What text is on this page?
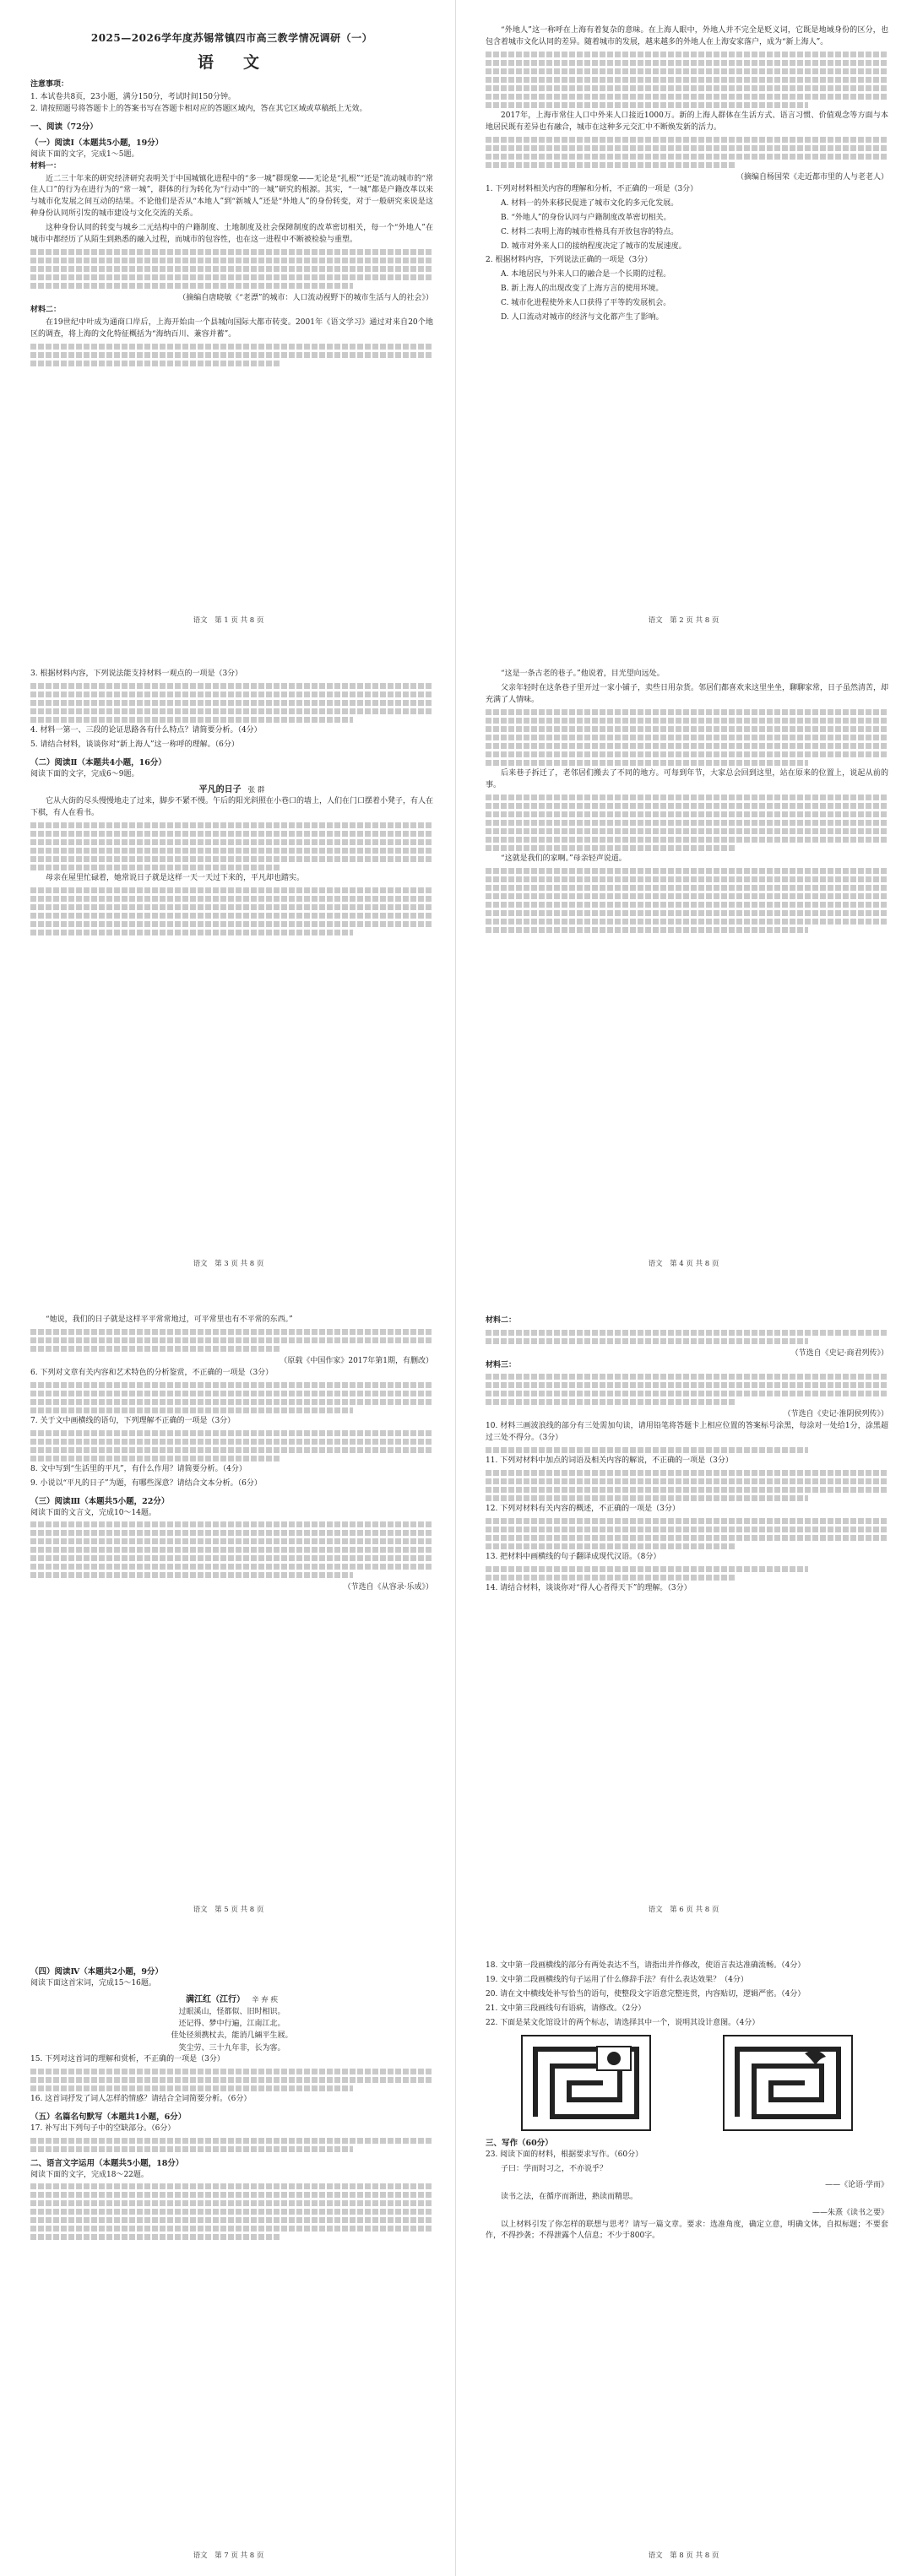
2025—2026学年度苏锡常镇四市高三教学情况调研（一）
语　文
注意事项：
1. 本试卷共8页，23小题，满分150分，考试时间150分钟。
2. 请按照题号将答题卡上的答案书写在答题卡相对应的答题区域内，答在其它区域或草稿纸上无效。
一、阅读（72分）
（一）阅读Ⅰ（本题共5小题，19分）
阅读下面的文字，完成1～5题。
材料一：

近二三十年来的研究经济研究表明关于中国城镇化进程中的“多一城”群现象——无论是“扎根”“还是”流动城市的“常住人口”的行为在进行为的“常一城”，群体的行为转化为“行动中”的一城”研究的根源。其实，“一城”都是户籍改革以来与城市化发展之间互动的结果。不论他们是否从“本地人”到“新城人”还是“外地人”的身份转变，对于一般研究来说是这种身份认同所引发的城市建设与文化交流的关系。

这种身份认同的转变与城乡二元结构中的户籍制度、土地制度及社会保障制度的改革密切相关，每一个“外地人”在城市中都经历了从陌生到熟悉的融入过程，而城市的包容性，也在这一进程中不断被检验与重塑。

（摘编自唐晓敏《“老漂”的城市：人口流动视野下的城市生活与人的社会》）

材料二：

在19世纪中叶成为通商口岸后，上海开始由一个县城向国际大都市转变。2001年《语文学习》通过对来自20个地区的调查，将上海的文化特征概括为“海纳百川、兼容并蓄”。

语文　第 1 页 共 8 页

“外地人”这一称呼在上海有着复杂的意味。在上海人眼中，外地人并不完全是贬义词，它既是地域身份的区分，也包含着城市文化认同的差异。随着城市的发展，越来越多的外地人在上海安家落户，成为“新上海人”。

2017年，上海市常住人口中外来人口接近1000万。新的上海人群体在生活方式、语言习惯、价值观念等方面与本地居民既有差异也有融合，城市在这种多元交汇中不断焕发新的活力。

（摘编自杨国荣《走近都市里的人与老老人）

1. 下列对材料相关内容的理解和分析，不正确的一项是（3分）

A. 材料一的外来移民促进了城市文化的多元化发展。

B. “外地人”的身份认同与户籍制度改革密切相关。

C. 材料二表明上海的城市性格具有开放包容的特点。

D. 城市对外来人口的接纳程度决定了城市的发展速度。

2. 根据材料内容，下列说法正确的一项是（3分）

A. 本地居民与外来人口的融合是一个长期的过程。

B. 新上海人的出现改变了上海方言的使用环境。

C. 城市化进程使外来人口获得了平等的发展机会。

D. 人口流动对城市的经济与文化都产生了影响。

语文　第 2 页 共 8 页

3. 根据材料内容，下列说法能支持材料一观点的一项是（3分）

4. 材料一第一、三段的论证思路各有什么特点？请简要分析。（4分）

5. 请结合材料，谈谈你对“新上海人”这一称呼的理解。（6分）

（二）阅读Ⅱ（本题共4小题，16分）
阅读下面的文字，完成6～9题。
平凡的日子 张 群

它从大街的尽头慢慢地走了过来，脚步不紧不慢。午后的阳光斜照在小巷口的墙上，人们在门口摆着小凳子，有人在下棋，有人在看书。

母亲在屋里忙碌着，她常说日子就是这样一天一天过下来的，平凡却也踏实。

语文　第 3 页 共 8 页

“这是一条古老的巷子。”他说着，目光望向远处。

父亲年轻时在这条巷子里开过一家小铺子，卖些日用杂货。邻居们都喜欢来这里坐坐，聊聊家常，日子虽然清苦，却充满了人情味。

后来巷子拆迁了，老邻居们搬去了不同的地方。可每到年节，大家总会回到这里，站在原来的位置上，说起从前的事。

“这就是我们的家啊。”母亲轻声说道。

语文　第 4 页 共 8 页

“她说，我们的日子就是这样平平常常地过，可平常里也有不平常的东西。”

（原载《中国作家》2017年第1期，有删改）

6. 下列对文章有关内容和艺术特色的分析鉴赏，不正确的一项是（3分）

7. 关于文中画横线的语句，下列理解不正确的一项是（3分）

8. 文中写到“生活里的平凡”，有什么作用？请简要分析。（4分）

9. 小说以“平凡的日子”为题，有哪些深意？请结合文本分析。（6分）

（三）阅读Ⅲ（本题共5小题，22分）
阅读下面的文言文，完成10～14题。

（节选自《从容录·乐成》）

语文　第 5 页 共 8 页
材料二：

（节选自《史记·商君列传》）

材料三：

（节选自《史记·淮阴侯列传》）

10. 材料三画波浪线的部分有三处需加句读，请用铅笔将答题卡上相应位置的答案标号涂黑，每涂对一处给1分，涂黑超过三处不得分。（3分）

11. 下列对材料中加点的词语及相关内容的解说，不正确的一项是（3分）

12. 下列对材料有关内容的概述，不正确的一项是（3分）

13. 把材料中画横线的句子翻译成现代汉语。（8分）

14. 请结合材料，谈谈你对“得人心者得天下”的理解。（3分）

语文　第 6 页 共 8 页
（四）阅读Ⅳ（本题共2小题，9分）
阅读下面这首宋词，完成15～16题。
满江红（江行） 辛 弃 疾

过眼溪山，怪都似、旧时相识。

还记得、梦中行遍，江南江北。

佳处径须携杖去，能消几緉平生屐。

笑尘劳、三十九年非，长为客。

15. 下列对这首词的理解和赏析，不正确的一项是（3分）

16. 这首词抒发了词人怎样的情感？请结合全词简要分析。（6分）

（五）名篇名句默写（本题共1小题，6分）

17. 补写出下列句子中的空缺部分。（6分）

二、语言文字运用（本题共5小题，18分）
阅读下面的文字，完成18～22题。
语文　第 7 页 共 8 页

18. 文中第一段画横线的部分有两处表达不当，请指出并作修改，使语言表达准确流畅。（4分）

19. 文中第二段画横线的句子运用了什么修辞手法？有什么表达效果？（4分）

20. 请在文中横线处补写恰当的语句，使整段文字语意完整连贯，内容贴切，逻辑严密。（4分）

21. 文中第三段画线句有语病，请修改。（2分）

22. 下面是某文化馆设计的两个标志，请选择其中一个，说明其设计意图。（4分）

三、写作（60分）

23. 阅读下面的材料，根据要求写作。（60分）

子曰：学而时习之，不亦说乎？

——《论语·学而》

读书之法，在循序而渐进，熟读而精思。

——朱熹《读书之要》

以上材料引发了你怎样的联想与思考？请写一篇文章。要求：选准角度，确定立意，明确文体，自拟标题；不要套作，不得抄袭；不得泄露个人信息；不少于800字。

语文　第 8 页 共 8 页
